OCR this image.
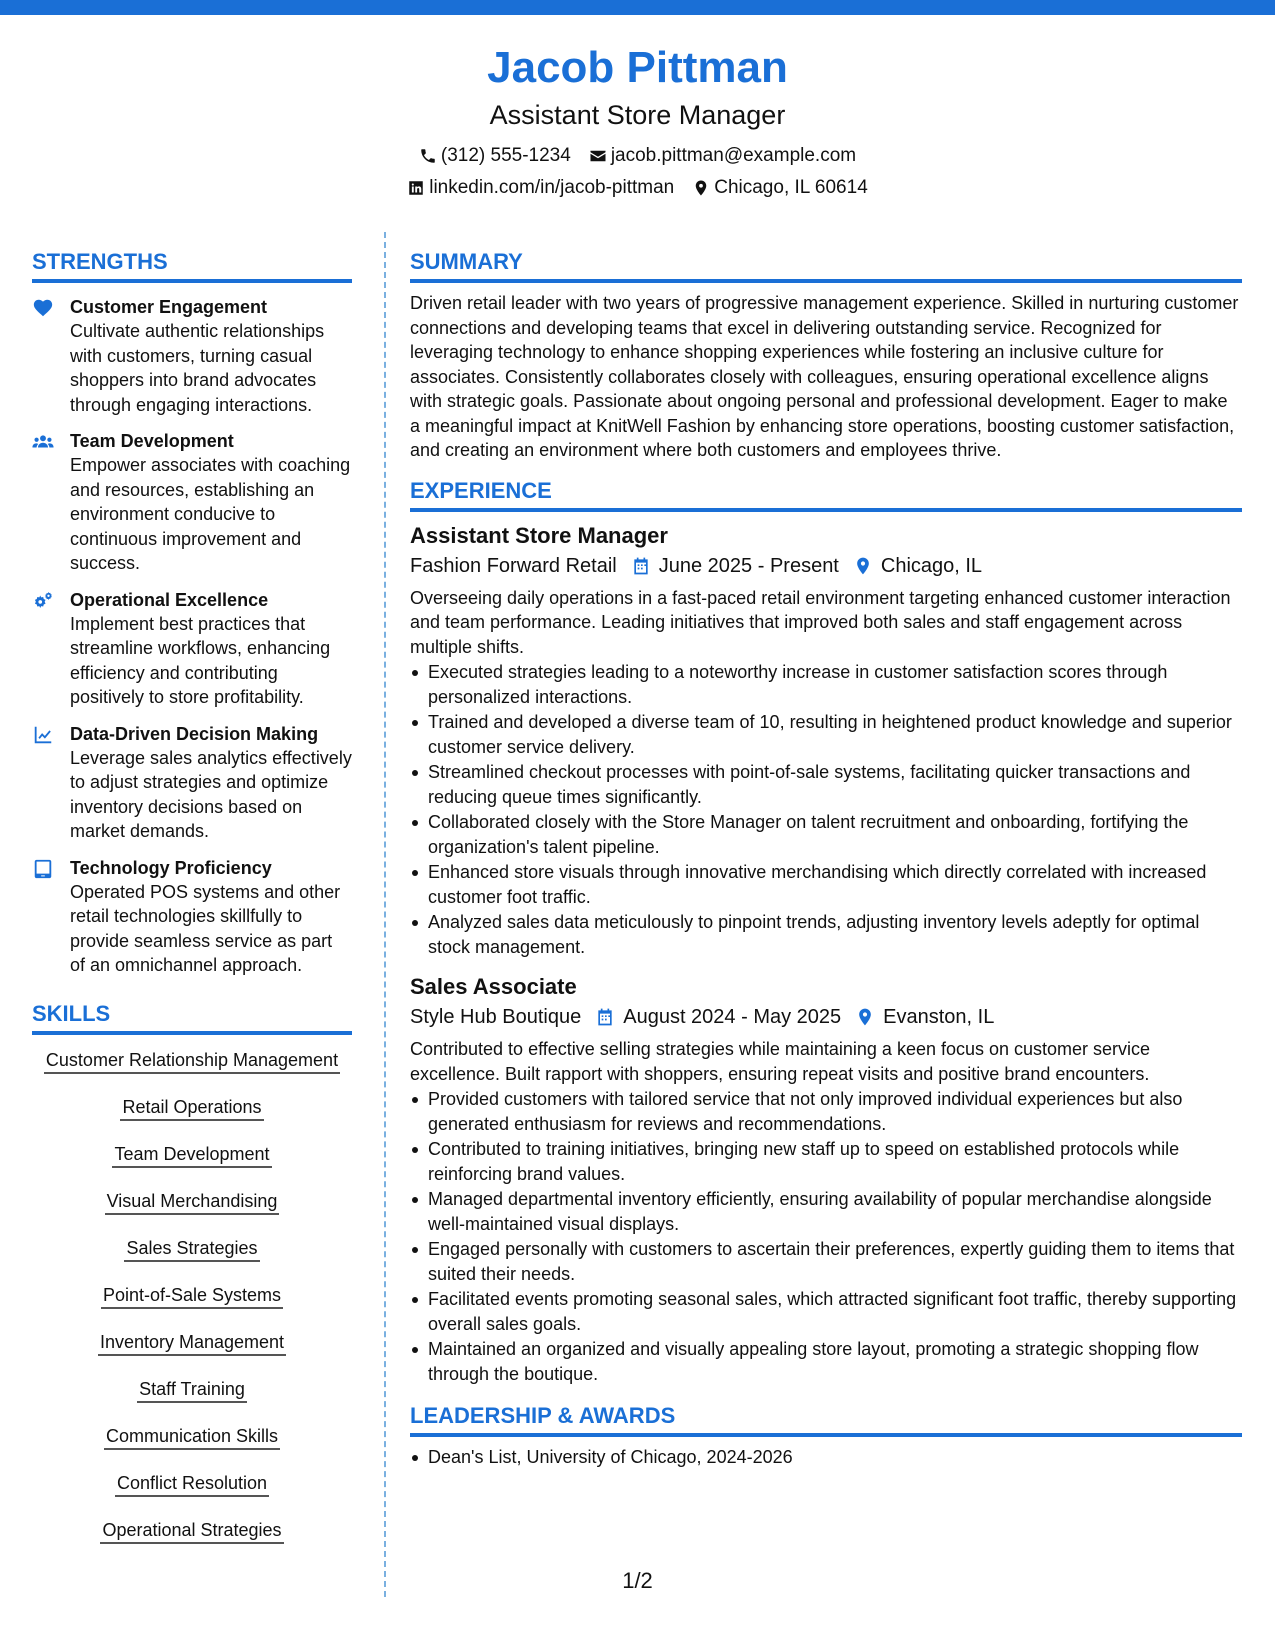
Jacob Pittman
Assistant Store Manager
(312) 555-1234 jacob.pittman@example.com
linkedin.com/in/jacob-pittman Chicago, IL 60614
STRENGTHS
Customer Engagement
Cultivate authentic relationships with customers, turning casual shoppers into brand advocates through engaging interactions.
Team Development
Empower associates with coaching and resources, establishing an environment conducive to continuous improvement and success.
Operational Excellence
Implement best practices that streamline workflows, enhancing efficiency and contributing positively to store profitability.
Data-Driven Decision Making
Leverage sales analytics effectively to adjust strategies and optimize inventory decisions based on market demands.
Technology Proficiency
Operated POS systems and other retail technologies skillfully to provide seamless service as part of an omnichannel approach.
SKILLS
Customer Relationship Management
Retail Operations
Team Development
Visual Merchandising
Sales Strategies
Point-of-Sale Systems
Inventory Management
Staff Training
Communication Skills
Conflict Resolution
Operational Strategies
SUMMARY
Driven retail leader with two years of progressive management experience. Skilled in nurturing customer connections and developing teams that excel in delivering outstanding service. Recognized for leveraging technology to enhance shopping experiences while fostering an inclusive culture for associates. Consistently collaborates closely with colleagues, ensuring operational excellence aligns with strategic goals. Passionate about ongoing personal and professional development. Eager to make a meaningful impact at KnitWell Fashion by enhancing store operations, boosting customer satisfaction, and creating an environment where both customers and employees thrive.
EXPERIENCE
Assistant Store Manager
Fashion Forward Retail June 2025 - Present Chicago, IL
Overseeing daily operations in a fast-paced retail environment targeting enhanced customer interaction and team performance. Leading initiatives that improved both sales and staff engagement across multiple shifts.
Executed strategies leading to a noteworthy increase in customer satisfaction scores through personalized interactions.
Trained and developed a diverse team of 10, resulting in heightened product knowledge and superior customer service delivery.
Streamlined checkout processes with point-of-sale systems, facilitating quicker transactions and reducing queue times significantly.
Collaborated closely with the Store Manager on talent recruitment and onboarding, fortifying the organization's talent pipeline.
Enhanced store visuals through innovative merchandising which directly correlated with increased customer foot traffic.
Analyzed sales data meticulously to pinpoint trends, adjusting inventory levels adeptly for optimal stock management.
Sales Associate
Style Hub Boutique August 2024 - May 2025 Evanston, IL
Contributed to effective selling strategies while maintaining a keen focus on customer service excellence. Built rapport with shoppers, ensuring repeat visits and positive brand encounters.
Provided customers with tailored service that not only improved individual experiences but also generated enthusiasm for reviews and recommendations.
Contributed to training initiatives, bringing new staff up to speed on established protocols while reinforcing brand values.
Managed departmental inventory efficiently, ensuring availability of popular merchandise alongside well-maintained visual displays.
Engaged personally with customers to ascertain their preferences, expertly guiding them to items that suited their needs.
Facilitated events promoting seasonal sales, which attracted significant foot traffic, thereby supporting overall sales goals.
Maintained an organized and visually appealing store layout, promoting a strategic shopping flow through the boutique.
LEADERSHIP & AWARDS
Dean's List, University of Chicago, 2024-2026
1/2
